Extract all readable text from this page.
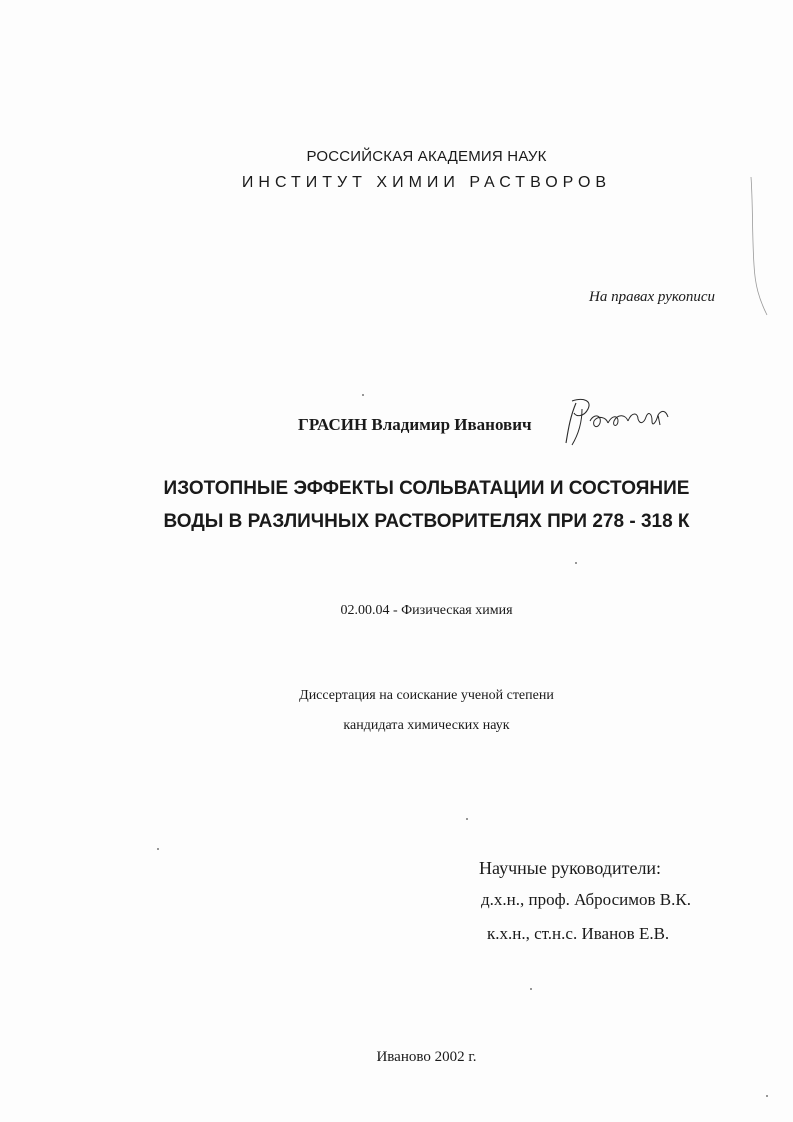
РОССИЙСКАЯ АКАДЕМИЯ НАУК
ИНСТИТУТ ХИМИИ РАСТВОРОВ
На правах рукописи
ГРАСИН Владимир Иванович
ИЗОТОПНЫЕ ЭФФЕКТЫ СОЛЬВАТАЦИИ И СОСТОЯНИЕ
ВОДЫ В РАЗЛИЧНЫХ РАСТВОРИТЕЛЯХ ПРИ 278 - 318 К
02.00.04 - Физическая химия
Диссертация на соискание ученой степени
кандидата химических наук
Научные руководители:
д.х.н., проф. Абросимов В.К.
к.х.н., ст.н.с. Иванов Е.В.
Иваново 2002 г.
